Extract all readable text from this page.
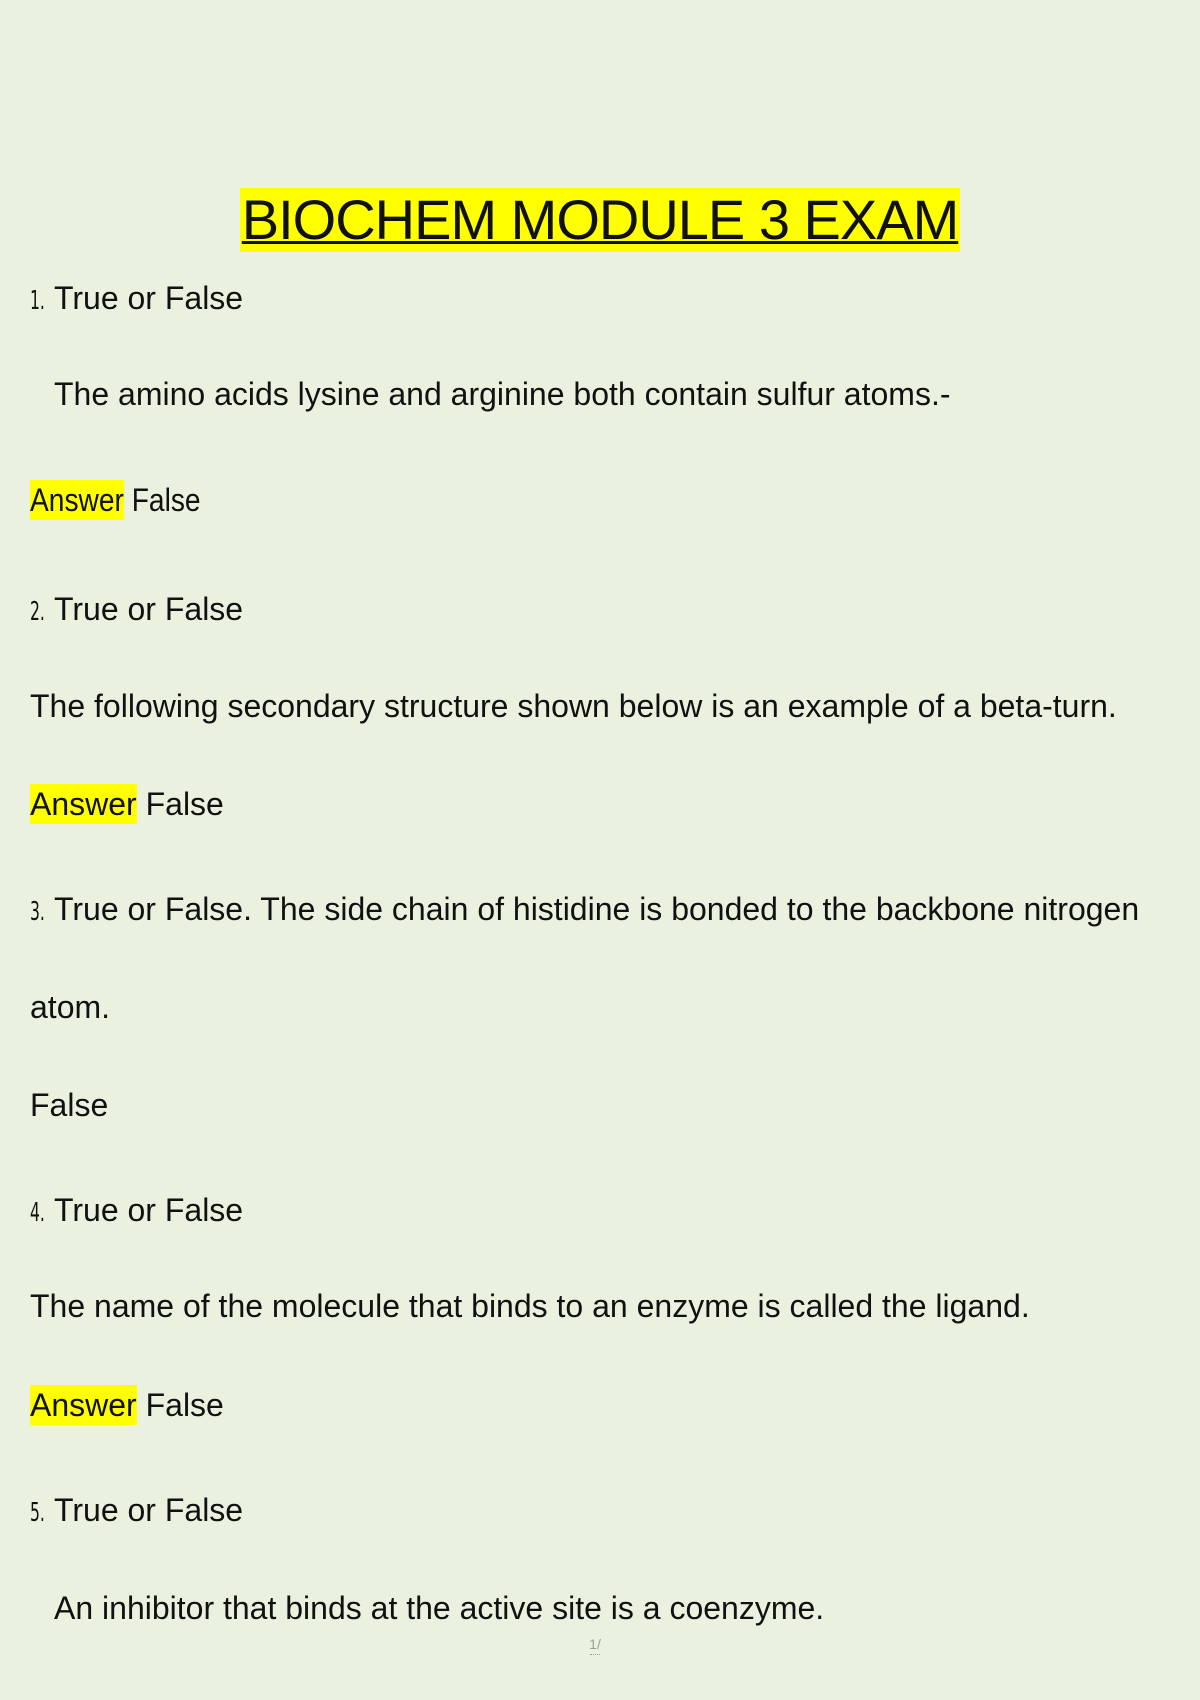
BIOCHEM MODULE 3 EXAM
1. True or False
The amino acids lysine and arginine both contain sulfur atoms.-
Answer False
2. True or False
The following secondary structure shown below is an example of a beta-turn.
Answer False
3. True or False. The side chain of histidine is bonded to the backbone nitrogen
atom.
False
4. True or False
The name of the molecule that binds to an enzyme is called the ligand.
Answer False
5. True or False
An inhibitor that binds at the active site is a coenzyme.
1/
